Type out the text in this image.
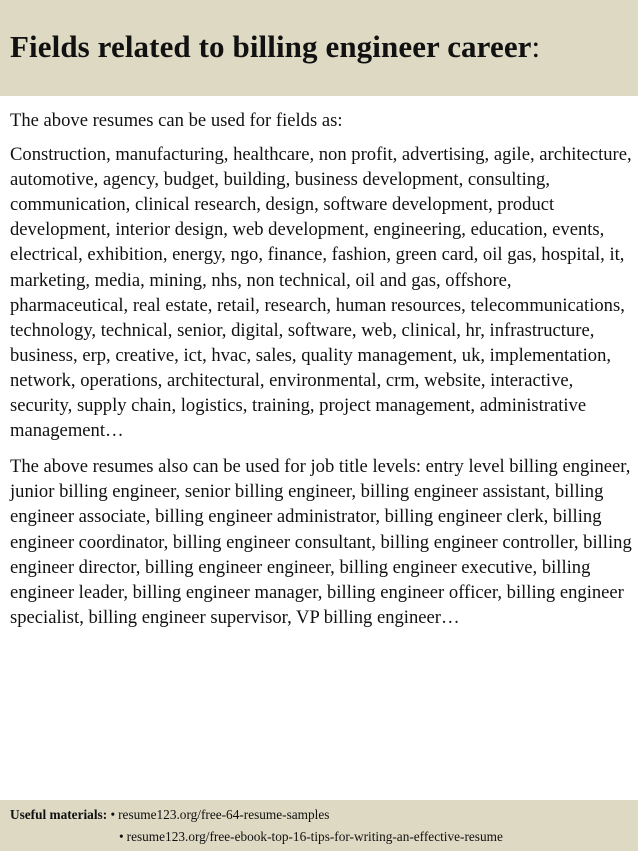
Fields related to billing engineer career:

The above resumes can be used for fields as:

Construction, manufacturing, healthcare, non profit, advertising, agile, architecture, automotive, agency, budget, building, business development, consulting, communication, clinical research, design, software development, product development, interior design, web development, engineering, education, events, electrical, exhibition, energy, ngo, finance, fashion, green card, oil gas, hospital, it, marketing, media, mining, nhs, non technical, oil and gas, offshore, pharmaceutical, real estate, retail, research, human resources, telecommunications, technology, technical, senior, digital, software, web, clinical, hr, infrastructure, business, erp, creative, ict, hvac, sales, quality management, uk, implementation, network, operations, architectural, environmental, crm, website, interactive, security, supply chain, logistics, training, project management, administrative management…

The above resumes also can be used for job title levels: entry level billing engineer, junior billing engineer, senior billing engineer, billing engineer assistant, billing engineer associate, billing engineer administrator, billing engineer clerk, billing engineer coordinator, billing engineer consultant, billing engineer controller, billing engineer director, billing engineer engineer, billing engineer executive, billing engineer leader, billing engineer manager, billing engineer officer, billing engineer specialist, billing engineer supervisor, VP billing engineer…

Useful materials: • resume123.org/free-64-resume-samples
• resume123.org/free-ebook-top-16-tips-for-writing-an-effective-resume
